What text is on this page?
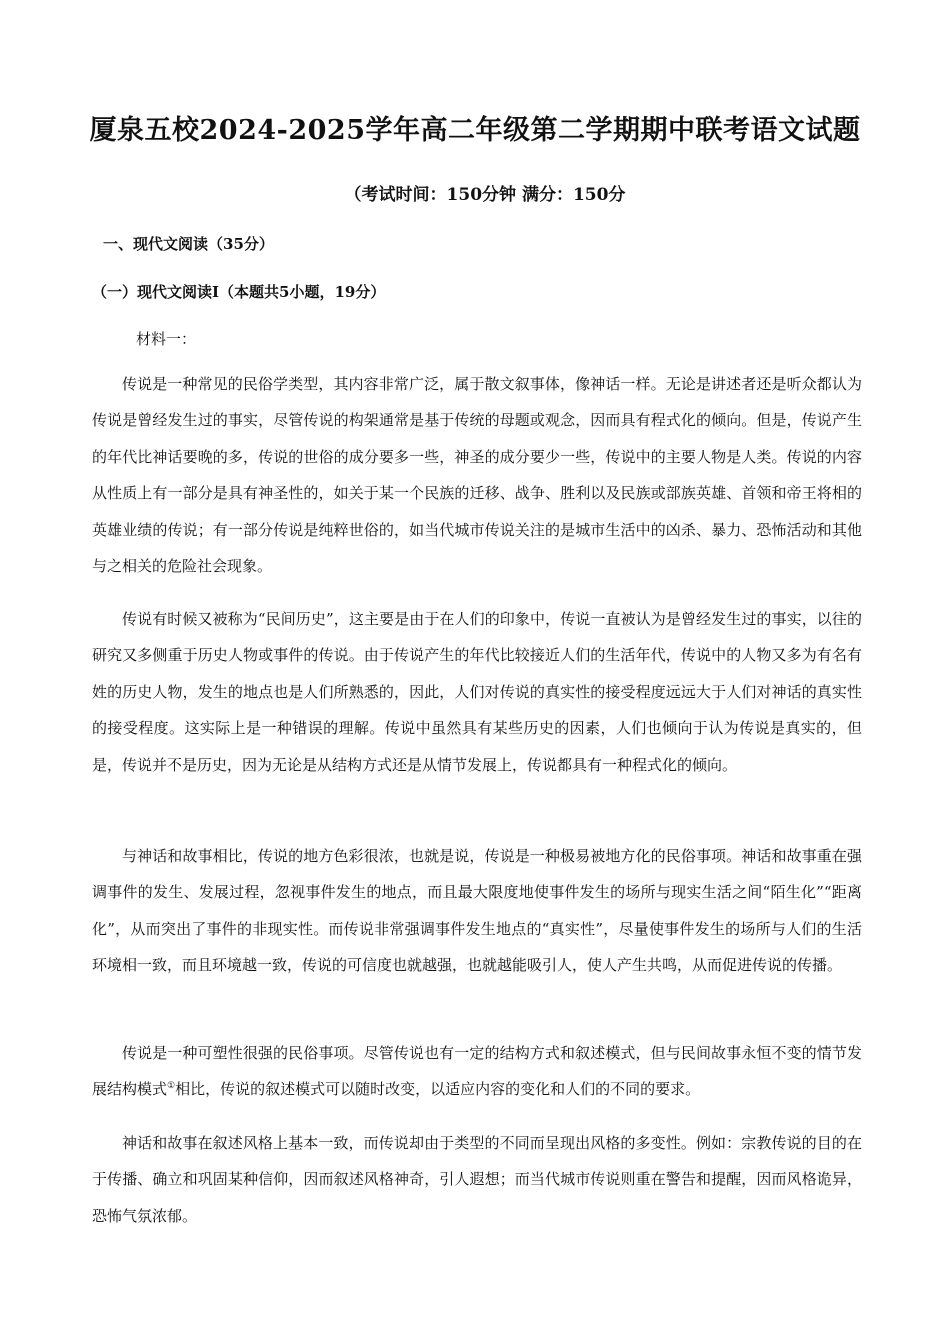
厦泉五校2024-2025学年高二年级第二学期期中联考语文试题
（考试时间：150分钟 满分：150分
一、现代文阅读（35分）
（一）现代文阅读Ⅰ（本题共5小题，19分）
材料一：

传说是一种常见的民俗学类型，其内容非常广泛，属于散文叙事体，像神话一样。无论是讲述者还是听众都认为传说是曾经发生过的事实，尽管传说的构架通常是基于传统的母题或观念，因而具有程式化的倾向。但是，传说产生的年代比神话要晚的多，传说的世俗的成分要多一些，神圣的成分要少一些，传说中的主要人物是人类。传说的内容从性质上有一部分是具有神圣性的，如关于某一个民族的迁移、战争、胜利以及民族或部族英雄、首领和帝王将相的英雄业绩的传说；有一部分传说是纯粹世俗的，如当代城市传说关注的是城市生活中的凶杀、暴力、恐怖活动和其他与之相关的危险社会现象。

传说有时候又被称为“民间历史”，这主要是由于在人们的印象中，传说一直被认为是曾经发生过的事实，以往的研究又多侧重于历史人物或事件的传说。由于传说产生的年代比较接近人们的生活年代，传说中的人物又多为有名有姓的历史人物，发生的地点也是人们所熟悉的，因此，人们对传说的真实性的接受程度远远大于人们对神话的真实性的接受程度。这实际上是一种错误的理解。传说中虽然具有某些历史的因素，人们也倾向于认为传说是真实的，但是，传说并不是历史，因为无论是从结构方式还是从情节发展上，传说都具有一种程式化的倾向。

与神话和故事相比，传说的地方色彩很浓，也就是说，传说是一种极易被地方化的民俗事项。神话和故事重在强调事件的发生、发展过程，忽视事件发生的地点，而且最大限度地使事件发生的场所与现实生活之间“陌生化”“距离化”，从而突出了事件的非现实性。而传说非常强调事件发生地点的“真实性”，尽量使事件发生的场所与人们的生活环境相一致，而且环境越一致，传说的可信度也就越强，也就越能吸引人，使人产生共鸣，从而促进传说的传播。

传说是一种可塑性很强的民俗事项。尽管传说也有一定的结构方式和叙述模式，但与民间故事永恒不变的情节发展结构模式①相比，传说的叙述模式可以随时改变，以适应内容的变化和人们的不同的要求。

神话和故事在叙述风格上基本一致，而传说却由于类型的不同而呈现出风格的多变性。例如：宗教传说的目的在于传播、确立和巩固某种信仰，因而叙述风格神奇，引人遐想；而当代城市传说则重在警告和提醒，因而风格诡异，恐怖气氛浓郁。
